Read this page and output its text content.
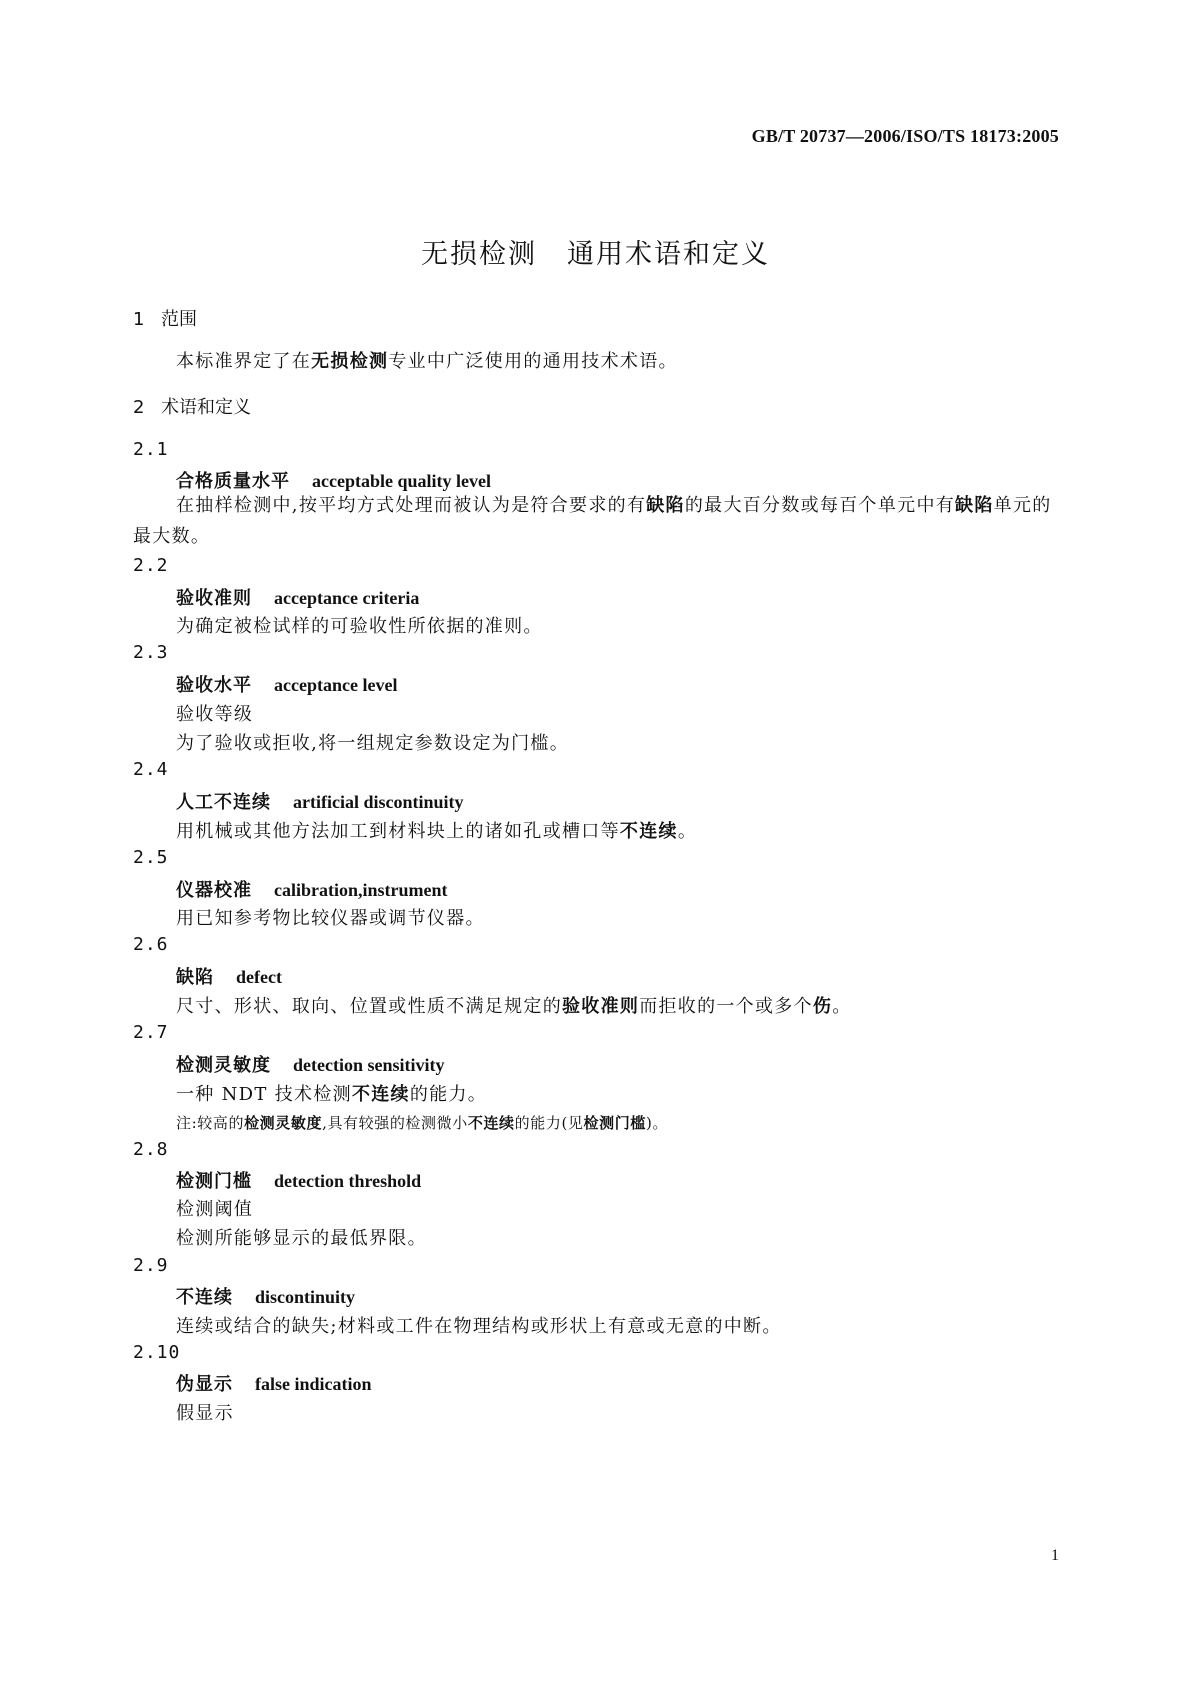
GB/T 20737—2006/ISO/TS 18173:2005
无损检测 通用术语和定义
1 范围
本标准界定了在无损检测专业中广泛使用的通用技术术语。
2 术语和定义
2.1
合格质量水平 acceptable quality level
在抽样检测中,按平均方式处理而被认为是符合要求的有缺陷的最大百分数或每百个单元中有缺陷单元的最大数。
2.2
验收准则 acceptance criteria
为确定被检试样的可验收性所依据的准则。
2.3
验收水平 acceptance level
验收等级
为了验收或拒收,将一组规定参数设定为门槛。
2.4
人工不连续 artificial discontinuity
用机械或其他方法加工到材料块上的诸如孔或槽口等不连续。
2.5
仪器校准 calibration,instrument
用已知参考物比较仪器或调节仪器。
2.6
缺陷 defect
尺寸、形状、取向、位置或性质不满足规定的验收准则而拒收的一个或多个伤。
2.7
检测灵敏度 detection sensitivity
一种 NDT 技术检测不连续的能力。
注:较高的检测灵敏度,具有较强的检测微小不连续的能力(见检测门槛)。
2.8
检测门槛 detection threshold
检测阈值
检测所能够显示的最低界限。
2.9
不连续 discontinuity
连续或结合的缺失;材料或工件在物理结构或形状上有意或无意的中断。
2.10
伪显示 false indication
假显示
1
